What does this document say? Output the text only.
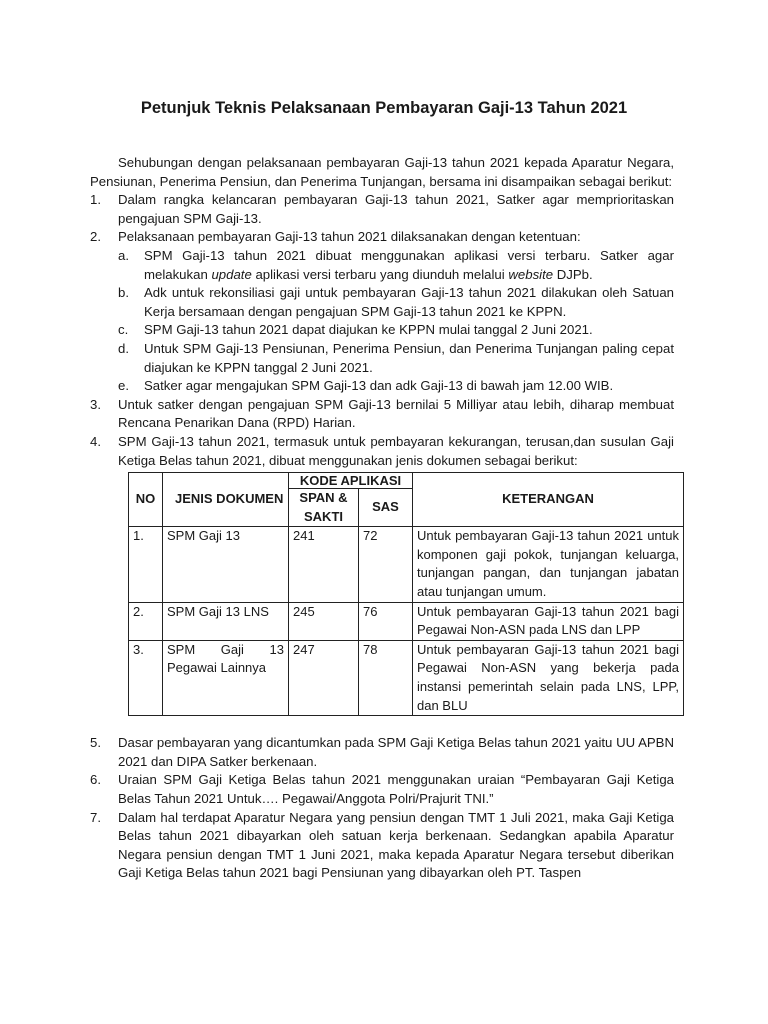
Petunjuk Teknis Pelaksanaan Pembayaran Gaji-13 Tahun 2021

Sehubungan dengan pelaksanaan pembayaran Gaji-13 tahun 2021 kepada Aparatur Negara, Pensiunan, Penerima Pensiun, dan Penerima Tunjangan, bersama ini disampaikan sebagai berikut:

1.	Dalam rangka kelancaran pembayaran Gaji-13 tahun 2021, Satker agar memprioritaskan pengajuan SPM Gaji-13.
2.	Pelaksanaan pembayaran Gaji-13 tahun 2021 dilaksanakan dengan ketentuan:
a.	SPM Gaji-13 tahun 2021 dibuat menggunakan aplikasi versi terbaru. Satker agar melakukan update aplikasi versi terbaru yang diunduh melalui website DJPb.
b.	Adk untuk rekonsiliasi gaji untuk pembayaran Gaji-13 tahun 2021 dilakukan oleh Satuan Kerja bersamaan dengan pengajuan SPM Gaji-13 tahun 2021 ke KPPN.
c.	SPM Gaji-13 tahun 2021 dapat diajukan ke KPPN mulai tanggal 2 Juni 2021.
d.	Untuk SPM Gaji-13 Pensiunan, Penerima Pensiun, dan Penerima Tunjangan paling cepat diajukan ke KPPN tanggal 2 Juni 2021.
e.	Satker agar mengajukan SPM Gaji-13 dan adk Gaji-13 di bawah jam 12.00 WIB.
3.	Untuk satker dengan pengajuan SPM Gaji-13 bernilai 5 Milliyar atau lebih, diharap membuat Rencana Penarikan Dana (RPD) Harian.
4.	SPM Gaji-13 tahun 2021, termasuk untuk pembayaran kekurangan, terusan,dan susulan Gaji Ketiga Belas tahun 2021, dibuat menggunakan jenis dokumen sebagai berikut:
NO	JENIS DOKUMEN	KODE APLIKASI		KETERANGAN
		SPAN & SAKTI	SAS	
1.	SPM Gaji 13	241	72	Untuk pembayaran Gaji-13 tahun 2021 untuk komponen gaji pokok, tunjangan keluarga, tunjangan pangan, dan tunjangan jabatan atau tunjangan umum.
2.	SPM Gaji 13 LNS	245	76	Untuk pembayaran Gaji-13 tahun 2021 bagi Pegawai Non-ASN pada LNS dan LPP
3.	SPM Gaji 13 Pegawai Lainnya	247	78	Untuk pembayaran Gaji-13 tahun 2021 bagi Pegawai Non-ASN yang bekerja pada instansi pemerintah selain pada LNS, LPP, dan BLU
5.	Dasar pembayaran yang dicantumkan pada SPM Gaji Ketiga Belas tahun 2021 yaitu UU APBN 2021 dan DIPA Satker berkenaan.
6.	Uraian SPM Gaji Ketiga Belas tahun 2021 menggunakan uraian “Pembayaran Gaji Ketiga Belas Tahun 2021 Untuk…. Pegawai/Anggota Polri/Prajurit TNI.”
7.	Dalam hal terdapat Aparatur Negara yang pensiun dengan TMT 1 Juli 2021, maka Gaji Ketiga Belas tahun 2021 dibayarkan oleh satuan kerja berkenaan. Sedangkan apabila Aparatur Negara pensiun dengan TMT 1 Juni 2021, maka kepada Aparatur Negara tersebut diberikan Gaji Ketiga Belas tahun 2021 bagi Pensiunan yang dibayarkan oleh PT. Taspen
